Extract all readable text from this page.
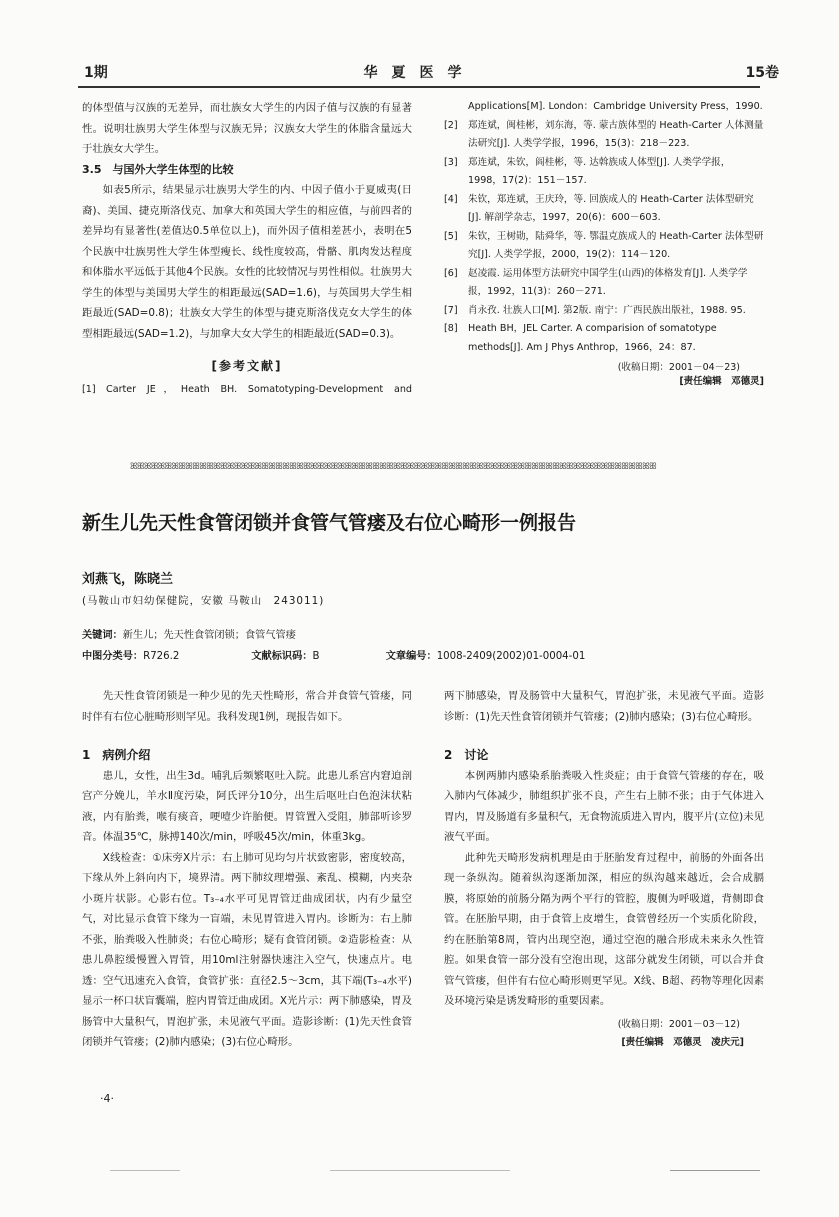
1期	华夏医学	15卷

的体型值与汉族的无差异，而壮族女大学生的内因子值与汉族的有显著性。说明壮族男大学生体型与汉族无异；汉族女大学生的体脂含量远大于壮族女大学生。

3.5　与国外大学生体型的比较

如表5所示，结果显示壮族男大学生的内、中因子值小于夏威夷(日裔)、美国、捷克斯洛伐克、加拿大和英国大学生的相应值，与前四者的差异均有显著性(差值达0.5单位以上)，而外因子值相差甚小，表明在5个民族中壮族男性大学生体型瘦长、线性度较高，骨骼、肌肉发达程度和体脂水平远低于其他4个民族。女性的比较情况与男性相似。壮族男大学生的体型与美国男大学生的相距最远(SAD=1.6)，与英国男大学生相距最近(SAD=0.8)；壮族女大学生的体型与捷克斯洛伐克女大学生的体型相距最远(SAD=1.2)，与加拿大女大学生的相距最近(SAD=0.3)。

[参考文献]
[1]	Carter JE，Heath BH. Somatotyping-Development and
Applications[M]. London：Cambridge University Press，1990.
[2]	郑连斌，闽桂彬，刘东海，等. 蒙古族体型的 Heath-Carter 人体测量法研究[J]. 人类学学报，1996，15(3)：218－223.
[3]	郑连斌，朱钦，阎桂彬，等. 达斡族成人体型[J]. 人类学学报，1998，17(2)：151－157.
[4]	朱钦，郑连斌，王庆玲，等. 回族成人的 Heath-Carter 法体型研究[J]. 解剖学杂志，1997，20(6)：600－603.
[5]	朱钦，王树勋，陆舜华，等. 鄂温克族成人的 Heath-Carter 法体型研究[J]. 人类学学报，2000，19(2)：114－120.
[6]	赵凌霞. 运用体型方法研究中国学生(山西)的体格发育[J]. 人类学学报，1992，11(3)：260－271.
[7]	肖永孜. 壮族人口[M]. 第2版. 南宁：广西民族出版社，1988. 95.
[8]	Heath BH，JEL Carter. A comparision of somatotype methods[J]. Am J Phys Anthrop，1966，24：87.
(收稿日期：2001－04－23)
[责任编辑　邓德灵]
ꕤꕥꕤꕥꕤꕥꕤꕥꕤꕥꕤꕥꕤꕥꕤꕥꕤꕥꕤꕥꕤꕥꕤꕥꕤꕥꕤꕥꕤꕥꕤꕥꕤꕥꕤꕥꕤꕥꕤꕥꕤꕥꕤꕥꕤꕥꕤꕥꕤꕥꕤꕥꕤꕥꕤꕥꕤꕥꕤꕥꕤꕥꕤꕥꕤꕥꕤꕥꕤꕥꕤꕥꕤꕥꕤꕥ
新生儿先天性食管闭锁并食管气管瘘及右位心畸形一例报告
刘燕飞，陈晓兰
(马鞍山市妇幼保健院，安徽 马鞍山　243011)
关键词：新生儿；先天性食管闭锁；食管气管瘘
中图分类号：R726.2	文献标识码：B	文章编号：1008-2409(2002)01-0004-01

先天性食管闭锁是一种少见的先天性畸形，常合并食管气管瘘，同时伴有右位心脏畸形则罕见。我科发现1例，现报告如下。

1　病例介绍

患儿，女性，出生3d。哺乳后频繁呕吐入院。此患儿系宫内窘迫剖宫产分娩儿，羊水Ⅱ度污染，阿氏评分10分，出生后呕吐白色泡沫状粘液，内有胎粪，喉有痰音，哽噎少许胎便。胃管置入受阻，肺部听诊罗音。体温35℃，脉搏140次/min，呼吸45次/min，体重3kg。

X线检查：①床旁X片示：右上肺可见均匀片状致密影，密度较高，下缘从外上斜向内下，境界清。两下肺纹理增强、紊乱、模糊，内夹杂小斑片状影。心影右位。T₃₋₄水平可见胃管迂曲成团状，内有少量空气，对比显示食管下缘为一盲端，未见胃管进入胃内。诊断为：右上肺不张，胎粪吸入性肺炎；右位心畸形；疑有食管闭锁。②造影检查：从患儿鼻腔缓慢置入胃管，用10ml注射器快速注入空气，快速点片。电透：空气迅速充入食管，食管扩张：直径2.5～3cm，其下端(T₃₋₄水平)显示一杯口状盲囊端，腔内胃管迂曲成团。X光片示：两下肺感染，胃及肠管中大量积气，胃泡扩张，未见液气平面。造影诊断：(1)先天性食管闭锁并气管瘘；(2)肺内感染；(3)右位心畸形。

两下肺感染，胃及肠管中大量积气，胃泡扩张，未见液气平面。造影诊断：(1)先天性食管闭锁并气管瘘；(2)肺内感染；(3)右位心畸形。

2　讨论

本例两肺内感染系胎粪吸入性炎症；由于食管气管瘘的存在，吸入肺内气体减少，肺组织扩张不良，产生右上肺不张；由于气体进入胃内，胃及肠道有多量积气，无食物流质进入胃内，腹平片(立位)未见液气平面。

此种先天畸形发病机理是由于胚胎发育过程中，前肠的外面各出现一条纵沟。随着纵沟逐渐加深，相应的纵沟越来越近，会合成膈膜，将原始的前肠分隔为两个平行的管腔，腹侧为呼吸道，背侧即食管。在胚胎早期，由于食管上皮增生，食管曾经历一个实质化阶段，约在胚胎第8周，管内出现空泡，通过空泡的融合形成未来永久性管腔。如果食管一部分没有空泡出现，这部分就发生闭锁，可以合并食管气管瘘，但伴有右位心畸形则更罕见。X线、B超、药物等理化因素及环境污染是诱发畸形的重要因素。

(收稿日期：2001－03－12)
[责任编辑　邓德灵　凌庆元]
·4·
